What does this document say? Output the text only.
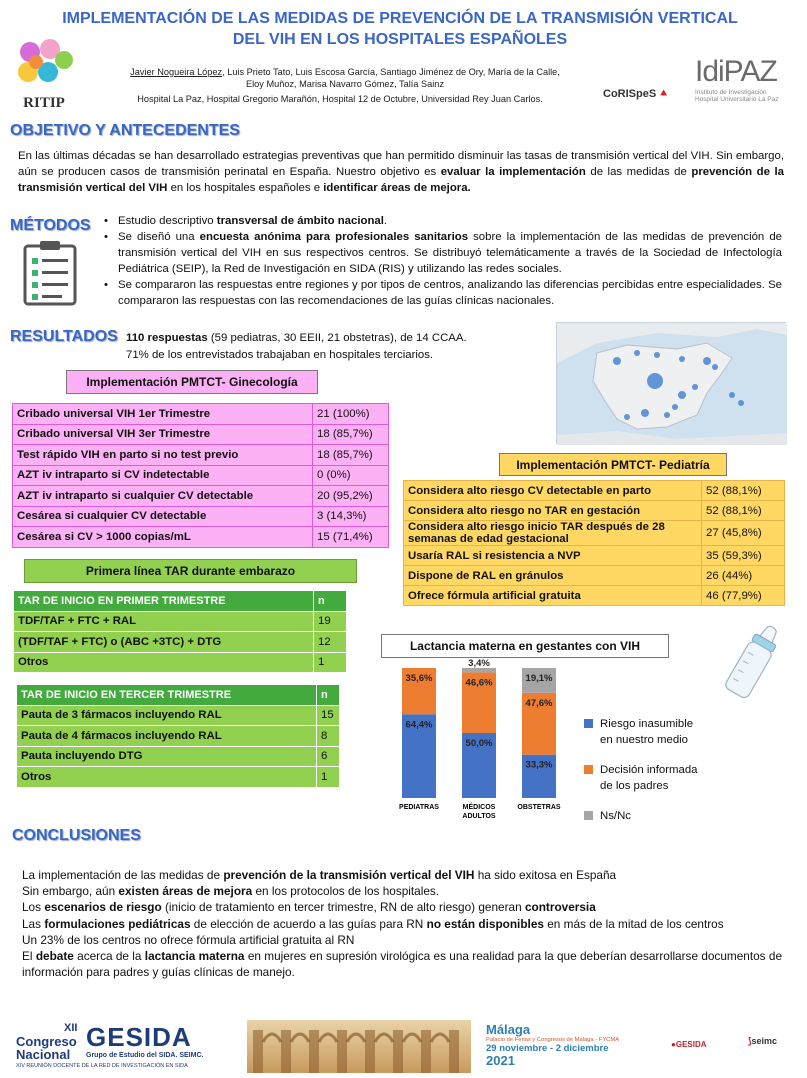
RITIP
IMPLEMENTACIÓN DE LAS MEDIDAS DE PREVENCIÓN DE LA TRANSMISIÓN VERTICAL
DEL VIH EN LOS HOSPITALES ESPAÑOLES
Javier Nogueira López, Luis Prieto Tato, Luis Escosa García, Santiago Jiménez de Ory, María de la Calle,
Eloy Muñoz, Marisa Navarro Gómez, Talía Sainz
Hospital La Paz, Hospital Gregorio Marañón, Hospital 12 de Octubre, Universidad Rey Juan Carlos.	CoRISpeS ⯅
IdiPAZ
Instituto de Investigación
Hospital Universitario La Paz
OBJETIVO Y ANTECEDENTES

En las últimas décadas se han desarrollado estrategias preventivas que han permitido disminuir las tasas de transmisión vertical del VIH. Sin embargo, aún se producen casos de transmisión perinatal en España. Nuestro objetivo es evaluar la implementación de las medidas de prevención de la transmisión vertical del VIH en los hospitales españoles e identificar áreas de mejora.

MÉTODOS	• Estudio descriptivo transversal de ámbito nacional.
• Se diseñó una encuesta anónima para profesionales sanitarios sobre la implementación de las medidas de prevención de transmisión vertical del VIH en sus respectivos centros. Se distribuyó telemáticamente a través de la Sociedad de Infectología Pediátrica (SEIP), la Red de Investigación en SIDA (RIS) y utilizando las redes sociales.
• Se compararon las respuestas entre regiones y por tipos de centros, analizando las diferencias percibidas entre especialidades. Se compararon las respuestas con las recomendaciones de las guías clínicas nacionales.
RESULTADOS 110 respuestas (59 pediatras, 30 EEII, 21 obstetras), de 14 CCAA.
71% de los entrevistados trabajaban en hospitales terciarios.
Implementación PMTCT- Ginecología
Cribado universal VIH 1er Trimestre	21 (100%)
Cribado universal VIH 3er Trimestre	18 (85,7%)
Test rápido VIH en parto si no test previo	18 (85,7%)
AZT iv intraparto si CV indetectable	0 (0%)
AZT iv intraparto si cualquier CV detectable	20 (95,2%)
Cesárea si cualquier CV detectable	3 (14,3%)
Cesárea si CV > 1000 copias/mL	15 (71,4%)
Implementación PMTCT- Pediatría
Considera alto riesgo CV detectable en parto	52 (88,1%)
Considera alto riesgo no TAR en gestación	52 (88,1%)
Considera alto riesgo inicio TAR después de 28 semanas de edad gestacional	27 (45,8%)
Usaría RAL si resistencia a NVP	35 (59,3%)
Dispone de RAL en gránulos	26 (44%)
Ofrece fórmula artificial gratuita	46 (77,9%)
Primera línea TAR durante embarazo
TAR DE INICIO EN PRIMER TRIMESTRE	n
TDF/TAF + FTC + RAL	19
(TDF/TAF + FTC) o (ABC +3TC) + DTG	12
Otros	1
TAR DE INICIO EN TERCER TRIMESTRE	n
Pauta de 3 fármacos incluyendo RAL	15
Pauta de 4 fármacos incluyendo RAL	8
Pauta incluyendo DTG	6
Otros	1
Lactancia materna en gestantes con VIH
64,4%
35,6%
PEDIATRAS
50,0%
46,6%
3,4%
MÉDICOS
ADULTOS
33,3%
47,6%
19,1%
OBSTETRAS
Riesgo inasumible en nuestro medio
Decisión informada de los padres
Ns/Nc
CONCLUSIONES
La implementación de las medidas de prevención de la transmisión vertical del VIH ha sido exitosa en España
Sin embargo, aún existen áreas de mejora en los protocolos de los hospitales.
Los escenarios de riesgo (inicio de tratamiento en tercer trimestre, RN de alto riesgo) generan controversia
Las formulaciones pediátricas de elección de acuerdo a las guías para RN no están disponibles en más de la mitad de los centros
Un 23% de los centros no ofrece fórmula artificial gratuita al RN
El debate acerca de la lactancia materna en mujeres en supresión virológica es una realidad para la que deberían desarrollarse documentos de información para padres y guías clínicas de manejo.
XII
Congreso
Nacional
GESIDA
Grupo de Estudio del SIDA. SEIMC.
XIV REUNIÓN DOCENTE DE LA RED DE INVESTIGACIÓN EN SIDA
Málaga
Palacio de Ferias y Congresos de Málaga - FYCMA
29 noviembre - 2 diciembre
2021
●GESIDA	⟆seimc
